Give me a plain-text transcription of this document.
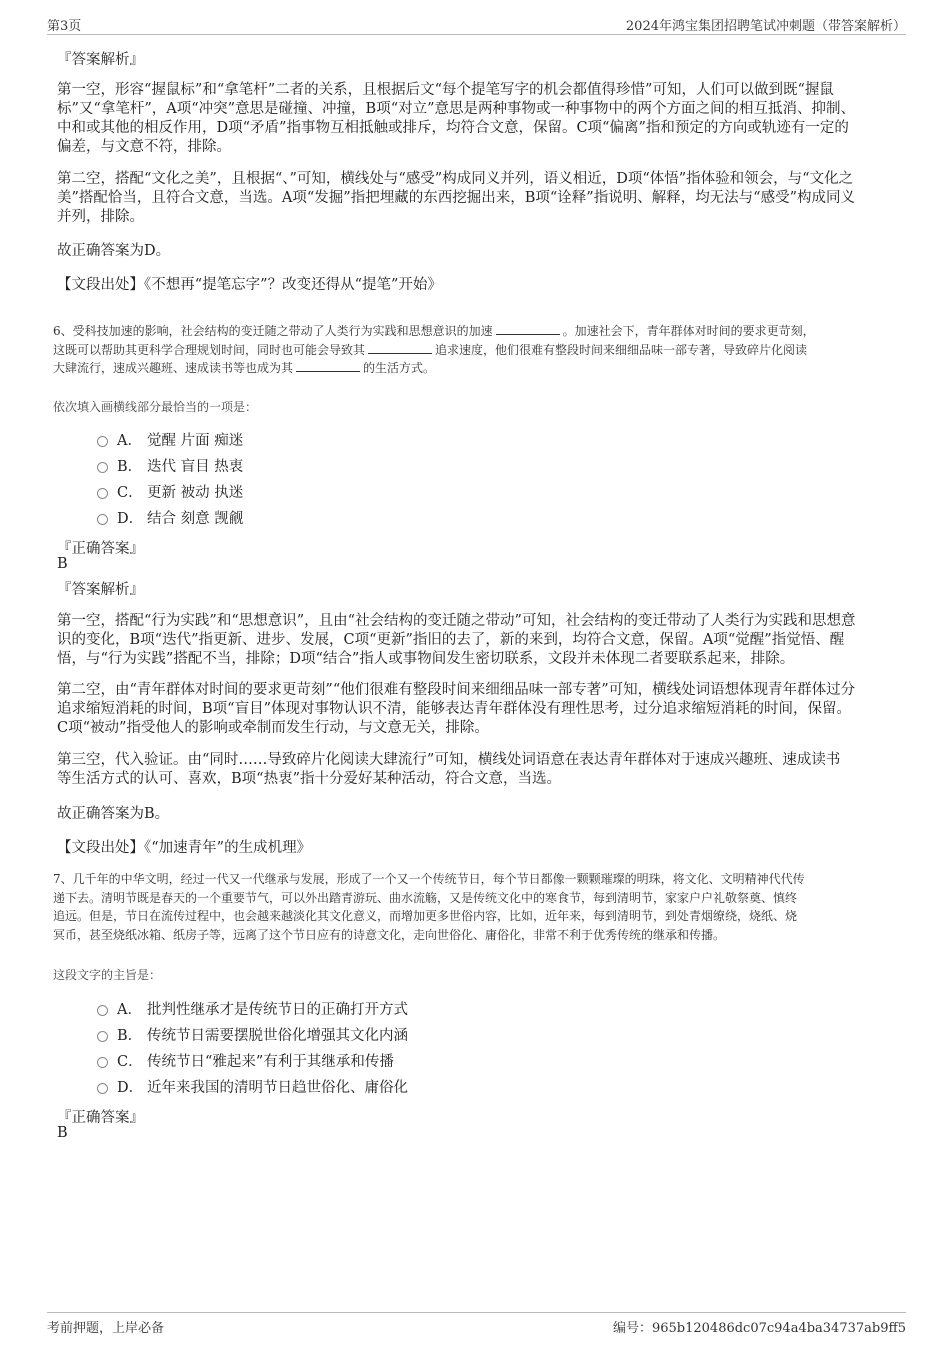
第3页	2024年鸿宝集团招聘笔试冲刺题（带答案解析）
『答案解析』
第一空，形容“握鼠标”和“拿笔杆”二者的关系，且根据后文“每个提笔写字的机会都值得珍惜”可知，人们可以做到既“握鼠
标”又“拿笔杆”，A项“冲突”意思是碰撞、冲撞，B项“对立”意思是两种事物或一种事物中的两个方面之间的相互抵消、抑制、
中和或其他的相反作用，D项“矛盾”指事物互相抵触或排斥，均符合文意，保留。C项“偏离”指和预定的方向或轨迹有一定的
偏差，与文意不符，排除。
第二空，搭配“文化之美”，且根据“、”可知，横线处与“感受”构成同义并列，语义相近，D项“体悟”指体验和领会，与“文化之
美”搭配恰当，且符合文意，当选。A项“发掘”指把埋藏的东西挖掘出来，B项“诠释”指说明、解释，均无法与“感受”构成同义
并列，排除。
故正确答案为D。
【文段出处】《不想再“提笔忘字”？改变还得从“提笔”开始》
6、受科技加速的影响，社会结构的变迁随之带动了人类行为实践和思想意识的加速	。加速社会下，青年群体对时间的要求更苛刻，
这既可以帮助其更科学合理规划时间，同时也可能会导致其	追求速度，他们很难有整段时间来细细品味一部专著，导致碎片化阅读
大肆流行，速成兴趣班、速成读书等也成为其	的生活方式。
依次填入画横线部分最恰当的一项是：
A． 觉醒 片面 痴迷
B． 迭代 盲目 热衷
C． 更新 被动 执迷
D． 结合 刻意 觊觎
『正确答案』
B
『答案解析』
第一空，搭配“行为实践”和“思想意识”，且由“社会结构的变迁随之带动”可知，社会结构的变迁带动了人类行为实践和思想意
识的变化，B项“迭代”指更新、进步、发展，C项“更新”指旧的去了，新的来到，均符合文意，保留。A项“觉醒”指觉悟、醒
悟，与“行为实践”搭配不当，排除；D项“结合”指人或事物间发生密切联系，文段并未体现二者要联系起来，排除。
第二空，由“青年群体对时间的要求更苛刻”“他们很难有整段时间来细细品味一部专著”可知，横线处词语想体现青年群体过分
追求缩短消耗的时间，B项“盲目”体现对事物认识不清，能够表达青年群体没有理性思考，过分追求缩短消耗的时间，保留。
C项“被动”指受他人的影响或牵制而发生行动，与文意无关，排除。
第三空，代入验证。由“同时……导致碎片化阅读大肆流行”可知，横线处词语意在表达青年群体对于速成兴趣班、速成读书
等生活方式的认可、喜欢，B项“热衷”指十分爱好某种活动，符合文意，当选。
故正确答案为B。
【文段出处】《“加速青年”的生成机理》
7、几千年的中华文明，经过一代又一代继承与发展，形成了一个又一个传统节日，每个节日都像一颗颗璀璨的明珠，将文化、文明精神代代传
递下去。清明节既是春天的一个重要节气，可以外出踏青游玩、曲水流觞，又是传统文化中的寒食节，每到清明节，家家户户礼敬祭奠、慎终
追远。但是，节日在流传过程中，也会越来越淡化其文化意义，而增加更多世俗内容，比如，近年来，每到清明节，到处青烟缭绕，烧纸、烧
冥币，甚至烧纸冰箱、纸房子等，远离了这个节日应有的诗意文化，走向世俗化、庸俗化，非常不利于优秀传统的继承和传播。
这段文字的主旨是：
A． 批判性继承才是传统节日的正确打开方式
B． 传统节日需要摆脱世俗化增强其文化内涵
C． 传统节日“雅起来”有利于其继承和传播
D． 近年来我国的清明节日趋世俗化、庸俗化
『正确答案』
B
考前押题，上岸必备	编号：965b120486dc07c94a4ba34737ab9ff5
